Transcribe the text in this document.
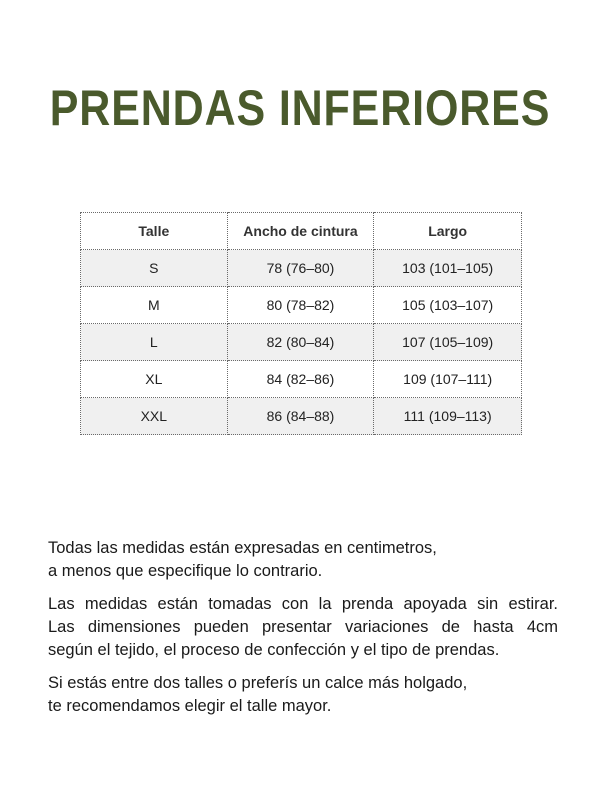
PRENDAS INFERIORES
Talle	Ancho de cintura	Largo
S	78 (76–80)	103 (101–105)
M	80 (78–82)	105 (103–107)
L	82 (80–84)	107 (105–109)
XL	84 (82–86)	109 (107–111)
XXL	86 (84–88)	111 (109–113)

Todas las medidas están expresadas en centimetros,
a menos que especifique lo contrario.

Las medidas están tomadas con la prenda apoyada sin estirar.
Las dimensiones pueden presentar variaciones de hasta 4cm
según el tejido, el proceso de confección y el tipo de prendas.

Si estás entre dos talles o preferís un calce más holgado,
te recomendamos elegir el talle mayor.
